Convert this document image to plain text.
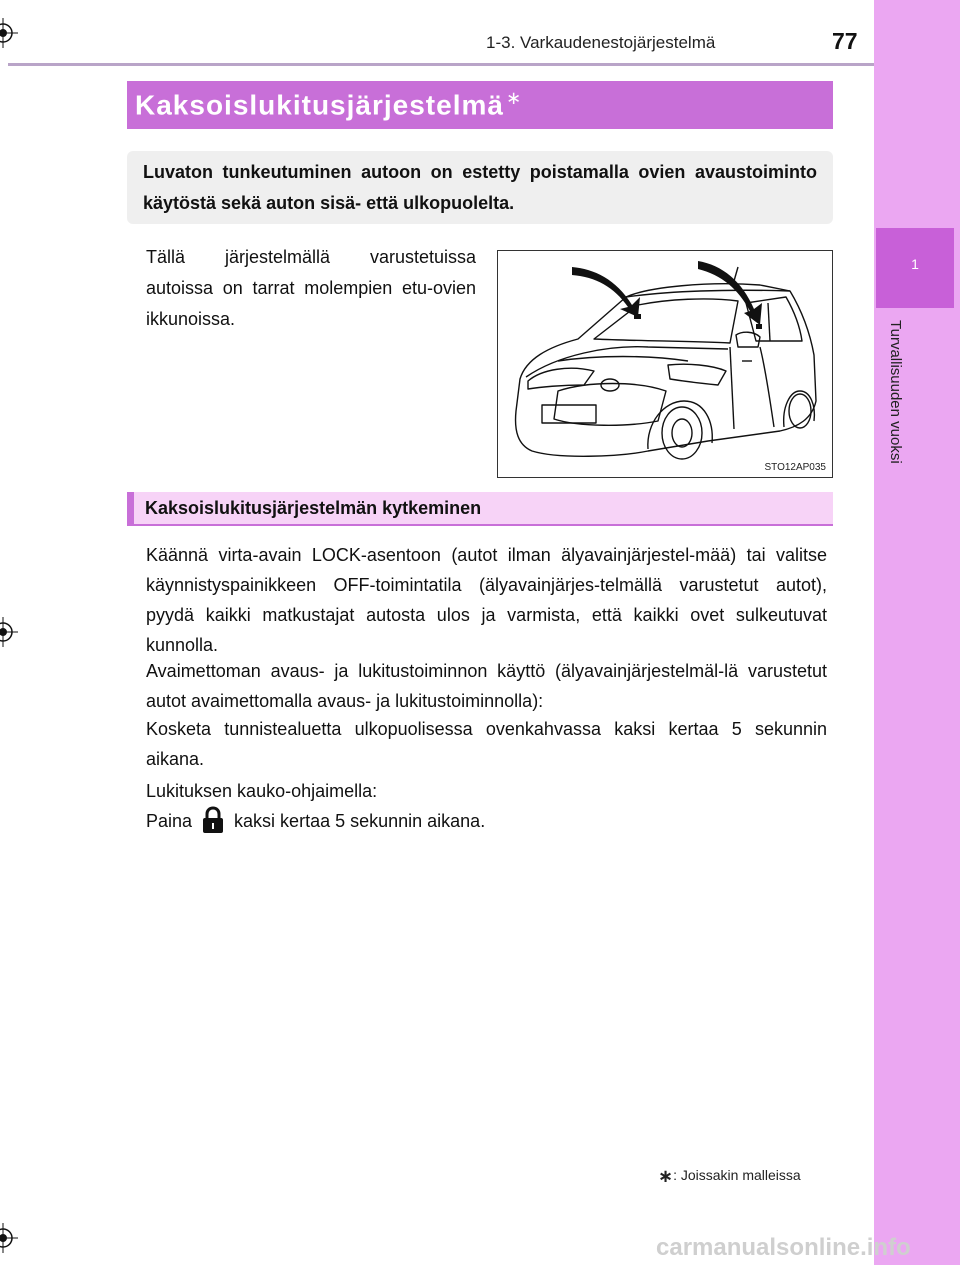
1
Turvallisuuden vuoksi
1-3. Varkaudenestojärjestelmä	77
Kaksoislukitusjärjestelmä ∗

Luvaton tunkeutuminen autoon on estetty poistamalla ovien avaustoiminto käytöstä sekä auton sisä- että ulkopuolelta.

Tällä järjestelmällä varustetuissa autoissa on tarrat molempien etu-ovien ikkunoissa.

STO12AP035
Kaksoislukitusjärjestelmän kytkeminen

Käännä virta-avain LOCK-asentoon (autot ilman älyavainjärjestel-mää) tai valitse käynnistyspainikkeen OFF-toimintatila (älyavainjärjes-telmällä varustetut autot), pyydä kaikki matkustajat autosta ulos ja varmista, että kaikki ovet sulkeutuvat kunnolla.

Avaimettoman avaus- ja lukitustoiminnon käyttö (älyavainjärjestelmäl-lä varustetut autot avaimettomalla avaus- ja lukitustoiminnolla):

Kosketa tunnistealuetta ulkopuolisessa ovenkahvassa kaksi kertaa 5 sekunnin aikana.

Lukituksen kauko-ohjaimella:

Paina kaksi kertaa 5 sekunnin aikana.

∗: Joissakin malleissa
carmanualsonline.info
